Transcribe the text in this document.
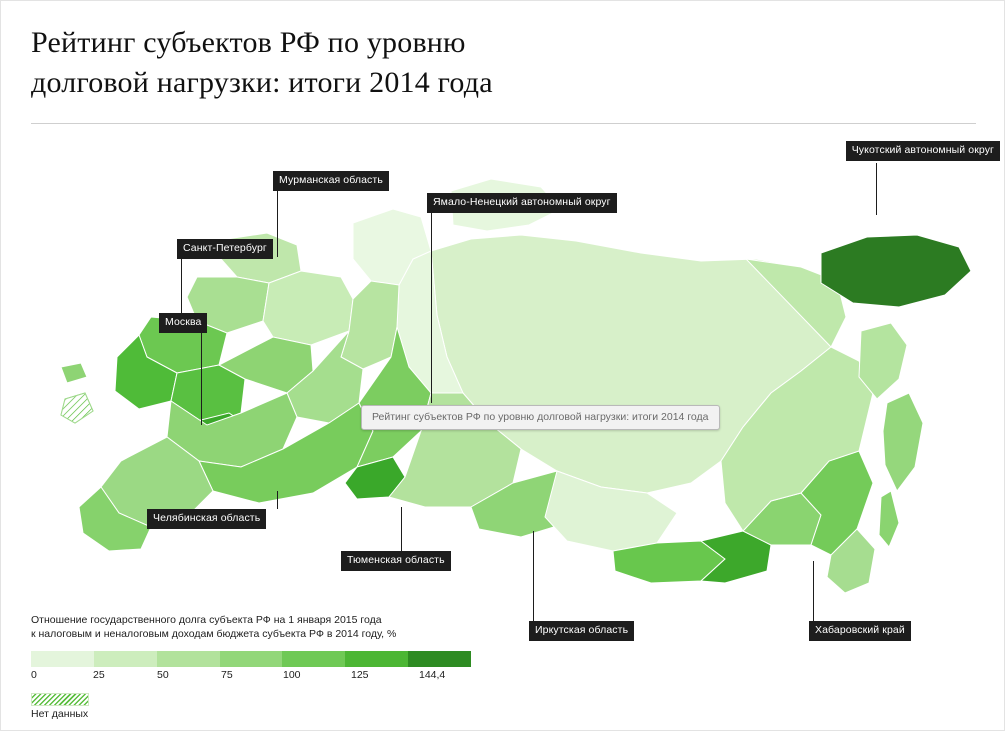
Рейтинг субъектов РФ по уровню
долговой нагрузки: итоги 2014 года
Чукотский автономный округ
Мурманская область
Ямало-Ненецкий автономный округ
Санкт-Петербург
Москва
Челябинская область
Тюменская область
Иркутская область	Хабаровский край
Рейтинг субъектов РФ по уровню долговой нагрузки: итоги 2014 года
Отношение государственного долга субъекта РФ на 1 января 2015 года
к налоговым и неналоговым доходам бюджета субъекта РФ в 2014 году, %
0	25	50	75	100	125	144,4
Нет данных
